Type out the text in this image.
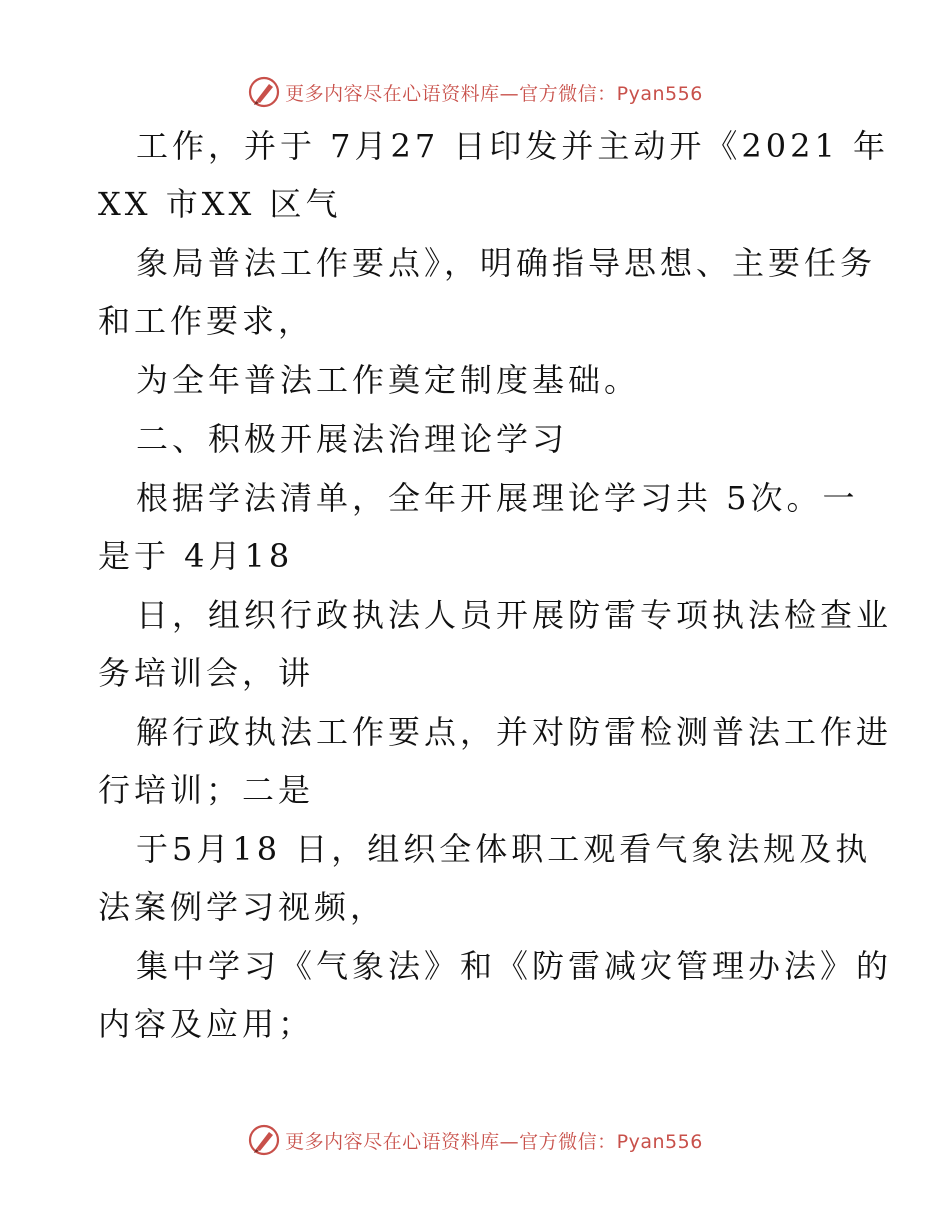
更多内容尽在心语资料库—官方微信：Pyan556
工作，并于 7月27 日印发并主动开《2021 年
XX 市XX 区气
象局普法工作要点》，明确指导思想、主要任务
和工作要求，
为全年普法工作奠定制度基础。
二、积极开展法治理论学习
根据学法清单，全年开展理论学习共 5次。一
是于 4月18
日，组织行政执法人员开展防雷专项执法检查业
务培训会，讲
解行政执法工作要点，并对防雷检测普法工作进
行培训；二是
于5月18 日，组织全体职工观看气象法规及执
法案例学习视频，
集中学习《气象法》和《防雷减灾管理办法》的
内容及应用；
更多内容尽在心语资料库—官方微信：Pyan556
